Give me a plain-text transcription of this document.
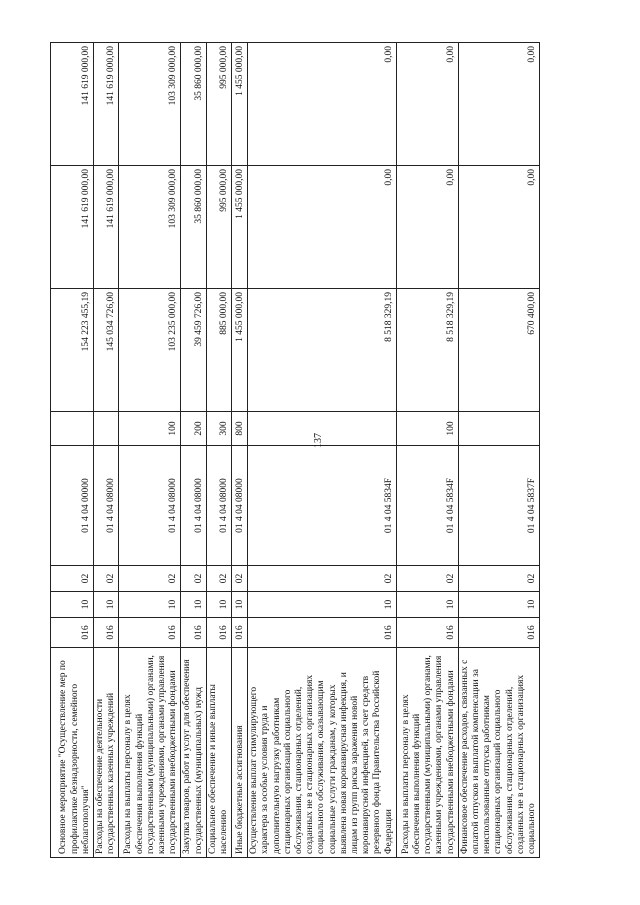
137
Основное мероприятие "Осуществление мер по профилактике безнадзорности, семейного неблагополучия"	016	10	02	01 4 04 00000		154 223 455,19	141 619 000,00	141 619 000,00
Расходы на обеспечение деятельности государственных казенных учреждений	016	10	02	01 4 04 08000		145 034 726,00	141 619 000,00	141 619 000,00
Расходы на выплаты персоналу в целях обеспечения выполнения функций государственными (муниципальными) органами, казенными учреждениями, органами управления государственными внебюджетными фондами	016	10	02	01 4 04 08000	100	103 235 000,00	103 309 000,00	103 309 000,00
Закупка товаров, работ и услуг для обеспечения государственных (муниципальных) нужд	016	10	02	01 4 04 08000	200	39 459 726,00	35 860 000,00	35 860 000,00
Социальное обеспечение и иные выплаты населению	016	10	02	01 4 04 08000	300	885 000,00	995 000,00	995 000,00
Иные бюджетные ассигнования	016	10	02	01 4 04 08000	800	1 455 000,00	1 455 000,00	1 455 000,00
Осуществление выплат стимулирующего характера за особые условия труда и дополнительную нагрузку работникам стационарных организаций социального обслуживания, стационарных отделений, созданных не в стационарных организациях социального обслуживания, оказывающим социальные услуги гражданам, у которых выявлена новая коронавирусная инфекция, и лицам из групп риска заражения новой коронавирусной инфекцией, за счет средств резервного фонда Правительства Российской Федерации	016	10	02	01 4 04 5834F		8 518 329,19	0,00	0,00
Расходы на выплаты персоналу в целях обеспечения выполнения функций государственными (муниципальными) органами, казенными учреждениями, органами управления государственными внебюджетными фондами	016	10	02	01 4 04 5834F	100	8 518 329,19	0,00	0,00
Финансовое обеспечение расходов, связанных с оплатой отпусков и выплатой компенсации за неиспользованные отпуска работникам стационарных организаций социального обслуживания, стационарных отделений, созданных не в стационарных организациях социального	016	10	02	01 4 04 5837F		670 400,00	0,00	0,00
